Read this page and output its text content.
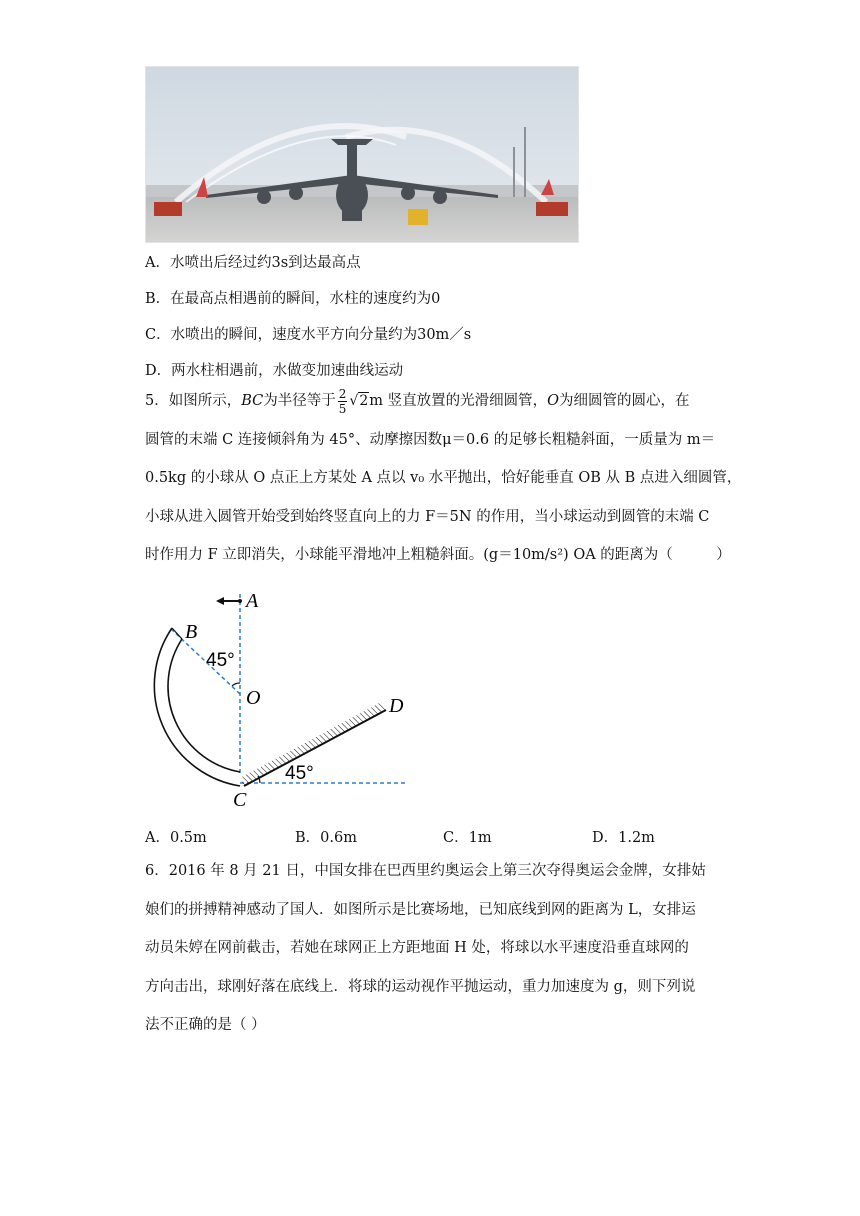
A．水喷出后经过约3s到达最高点
B．在最高点相遇前的瞬间，水柱的速度约为0
C．水喷出的瞬间，速度水平方向分量约为30m／s
D．两水柱相遇前，水做变加速曲线运动
5．如图所示，BC为半径等于 $\frac{2}{5} √2m$ 竖直放置的光滑细圆管，O为细圆管的圆心，在
圆管的末端 C 连接倾斜角为 45°、动摩擦因数μ＝0.6 的足够长粗糙斜面，一质量为 m＝
0.5kg 的小球从 O 点正上方某处 A 点以 v₀ 水平抛出，恰好能垂直 OB 从 B 点进入细圆管，
小球从进入圆管开始受到始终竖直向上的力 F＝5N 的作用，当小球运动到圆管的末端 C
时作用力 F 立即消失，小球能平滑地冲上粗糙斜面。(g＝10m/s²) OA 的距离为（　　　）
A
B
O
C
D
45°
45°
A．0.5m	B．0.6m	C．1m	D．1.2m
6．2016 年 8 月 21 日，中国女排在巴西里约奥运会上第三次夺得奥运会金牌，女排姑
娘们的拼搏精神感动了国人．如图所示是比赛场地，已知底线到网的距离为 L，女排运
动员朱婷在网前截击，若她在球网正上方距地面 H 处，将球以水平速度沿垂直球网的
方向击出，球刚好落在底线上．将球的运动视作平抛运动，重力加速度为 g，则下列说
法不正确的是（ ）
